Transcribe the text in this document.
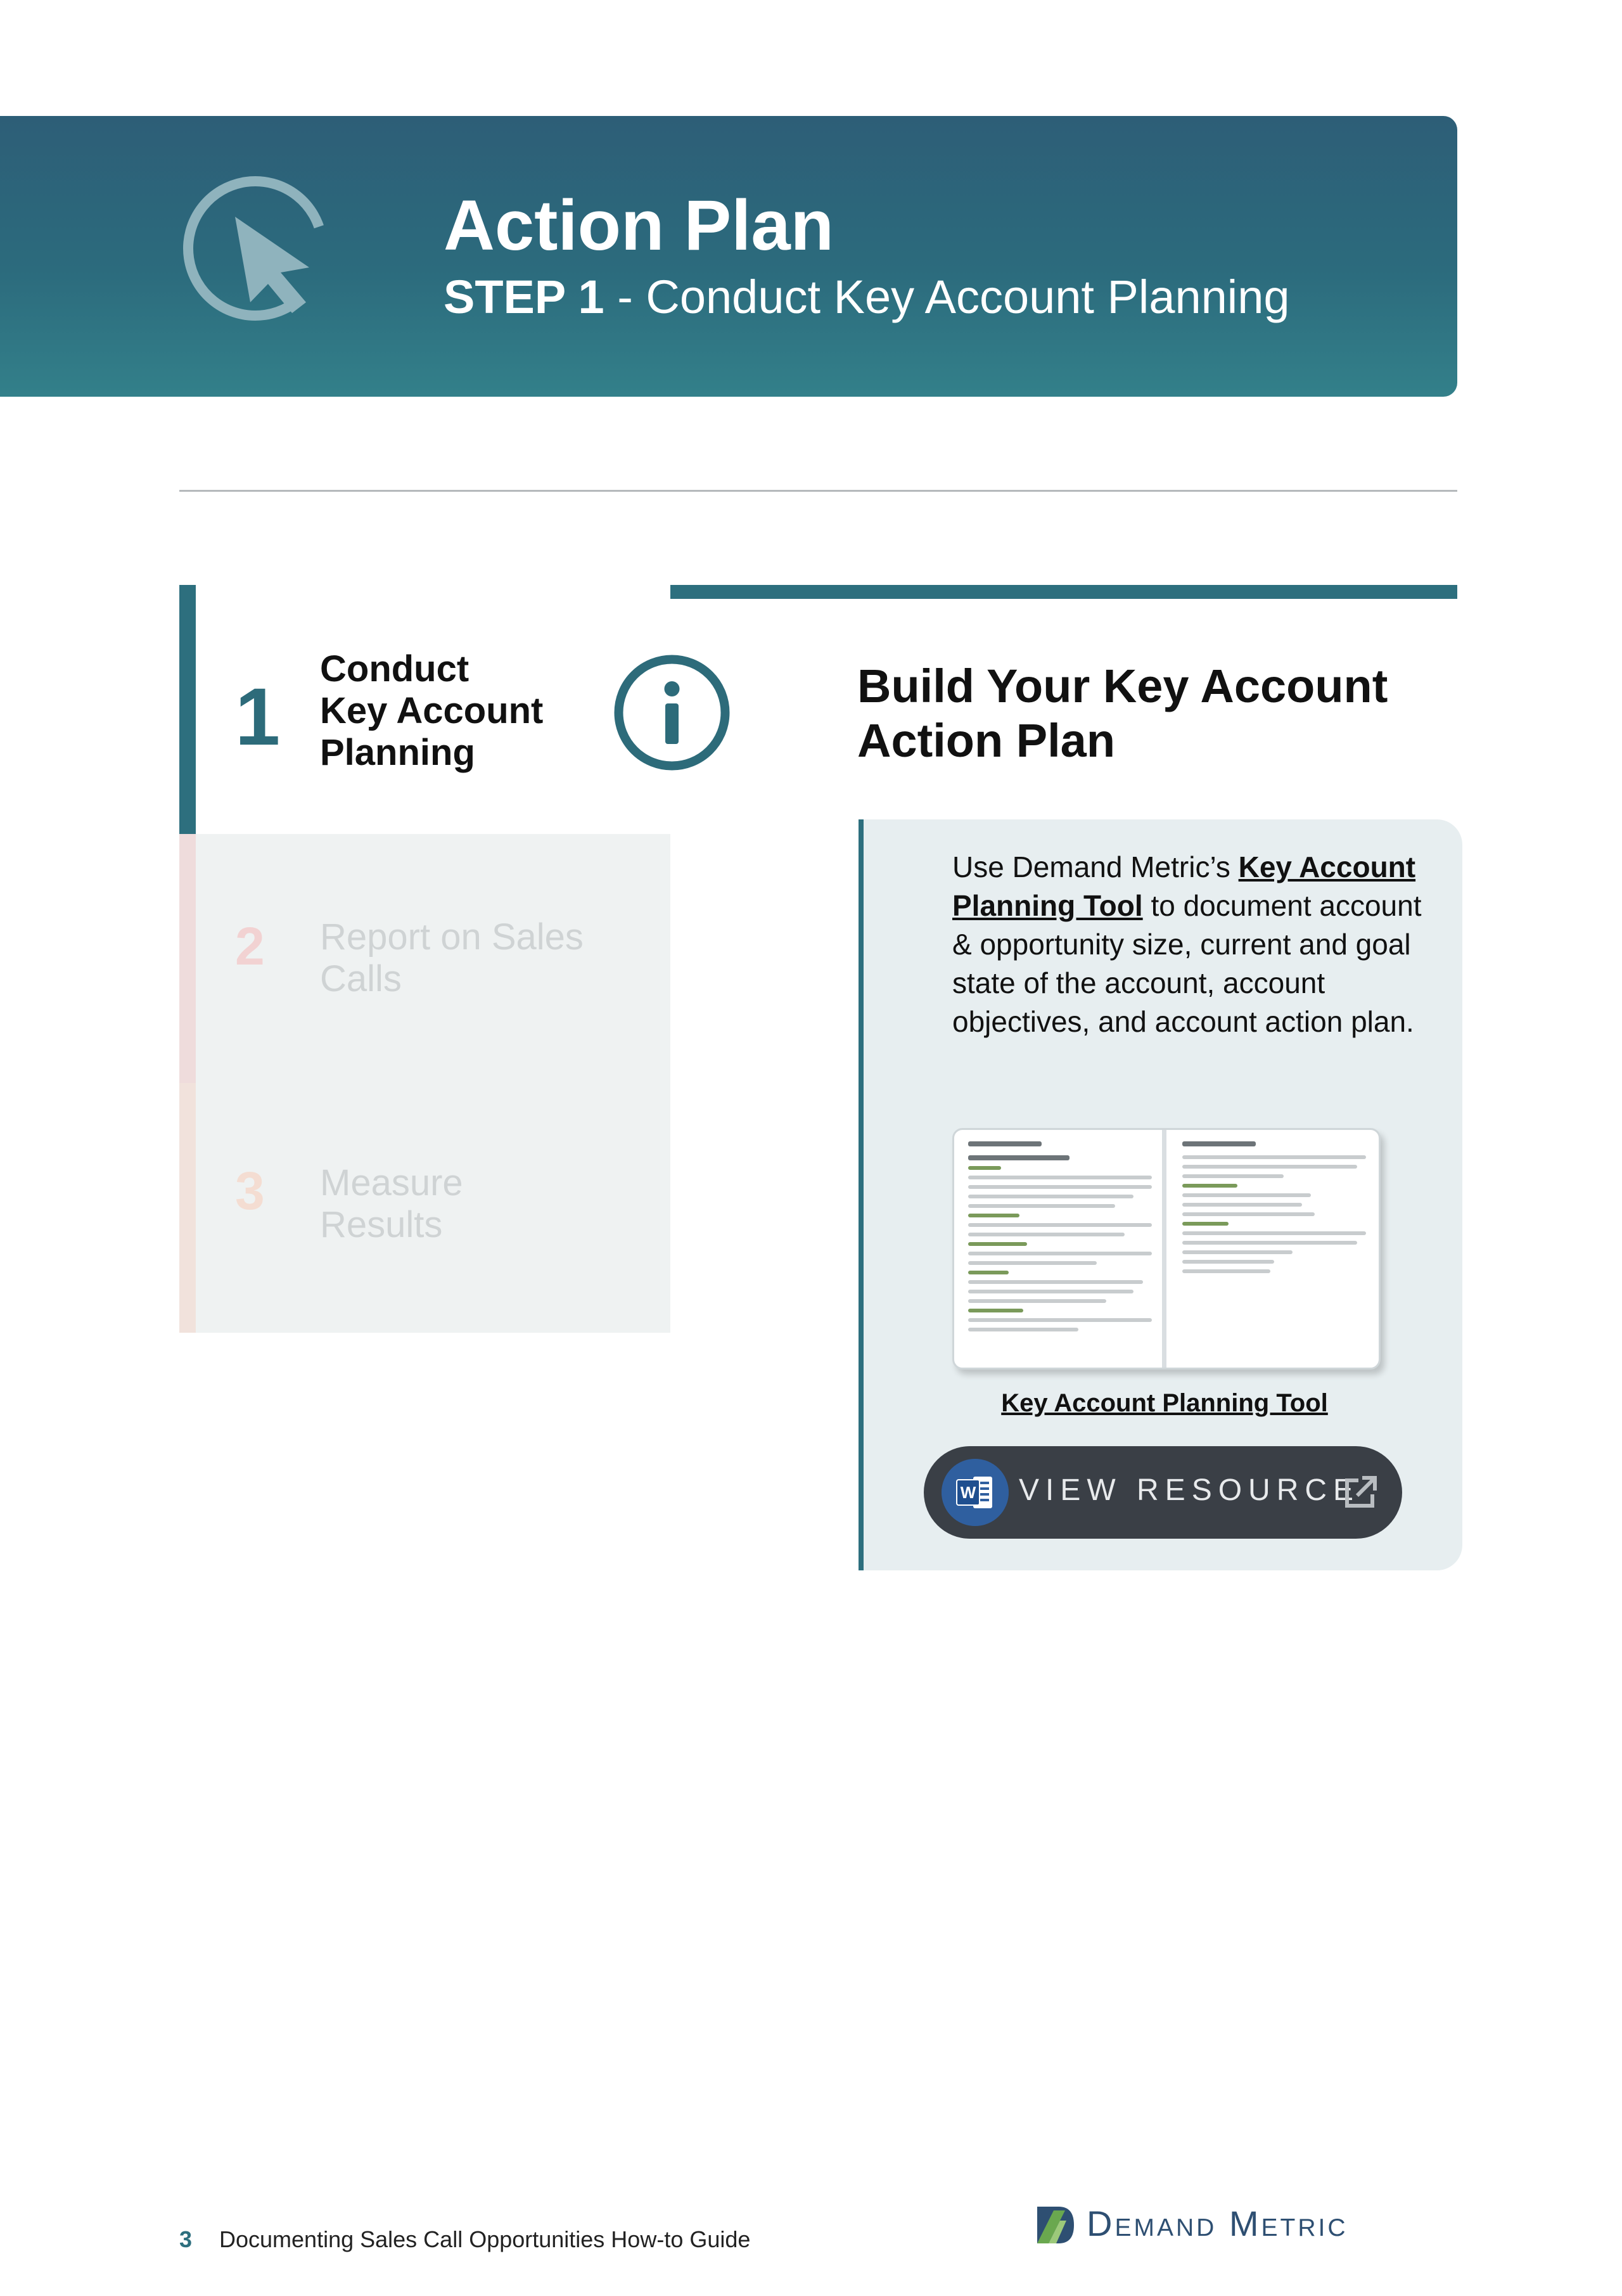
Action Plan
STEP 1 - Conduct Key Account Planning
1
Conduct
Key Account
Planning
2 Report on Sales
Calls
3 Measure
Results
Build Your Key Account
Action Plan
Use Demand Metric’s Key Account Planning Tool to document account & opportunity size, current and goal state of the account, account objectives, and account action plan.
Key Account Planning Tool
W VIEW RESOURCE
3 Documenting Sales Call Opportunities How-to Guide	Demand Metric
